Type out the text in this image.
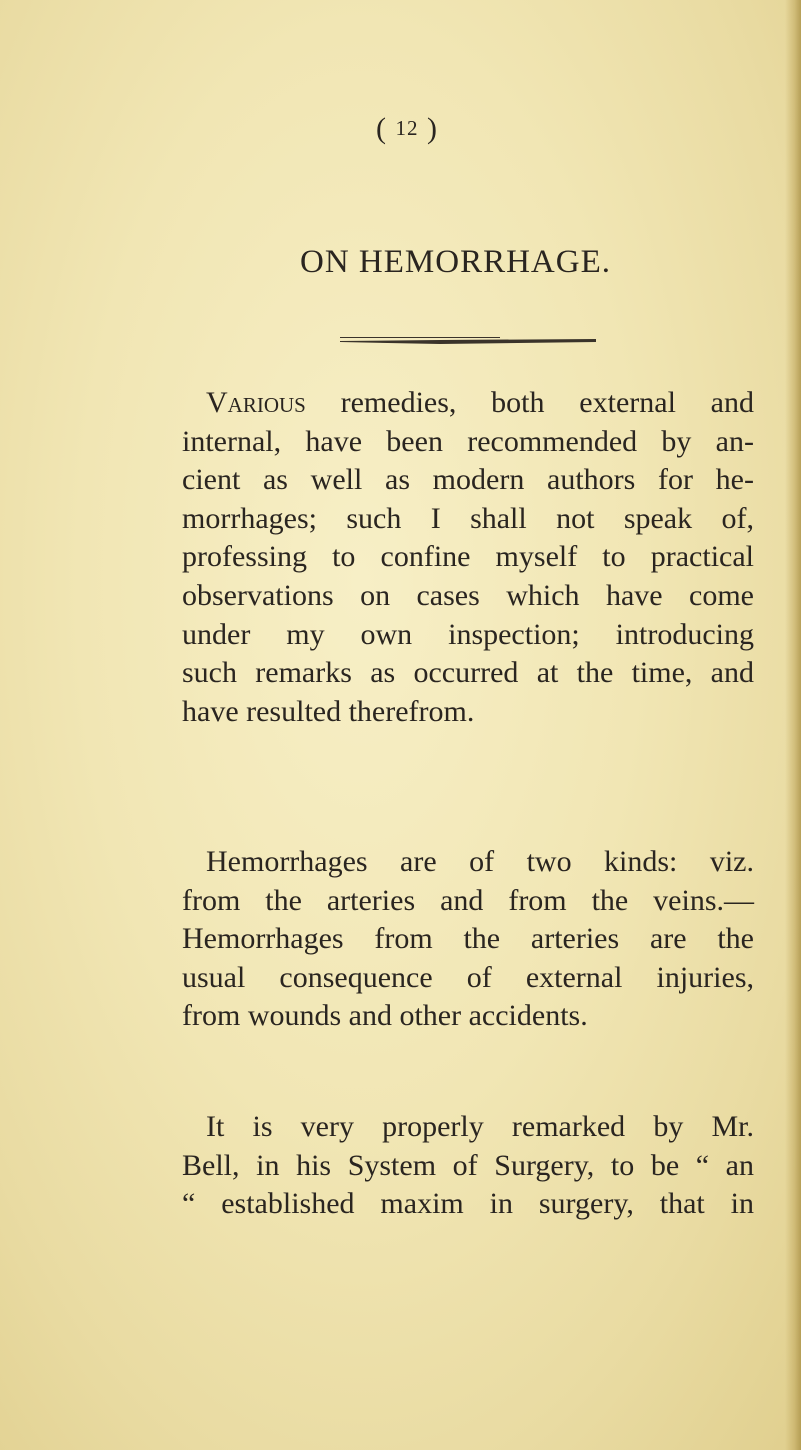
( 12 )
ON HEMORRHAGE.
Various remedies, both external and
internal, have been recommended by an-
cient as well as modern authors for he-
morrhages; such I shall not speak of,
professing to confine myself to practical
observations on cases which have come
under my own inspection; introducing
such remarks as occurred at the time, and
have resulted therefrom.
Hemorrhages are of two kinds: viz.
from the arteries and from the veins.—
Hemorrhages from the arteries are the
usual consequence of external injuries,
from wounds and other accidents.
It is very properly remarked by Mr.
Bell, in his System of Surgery, to be “ an
“ established maxim in surgery, that in
